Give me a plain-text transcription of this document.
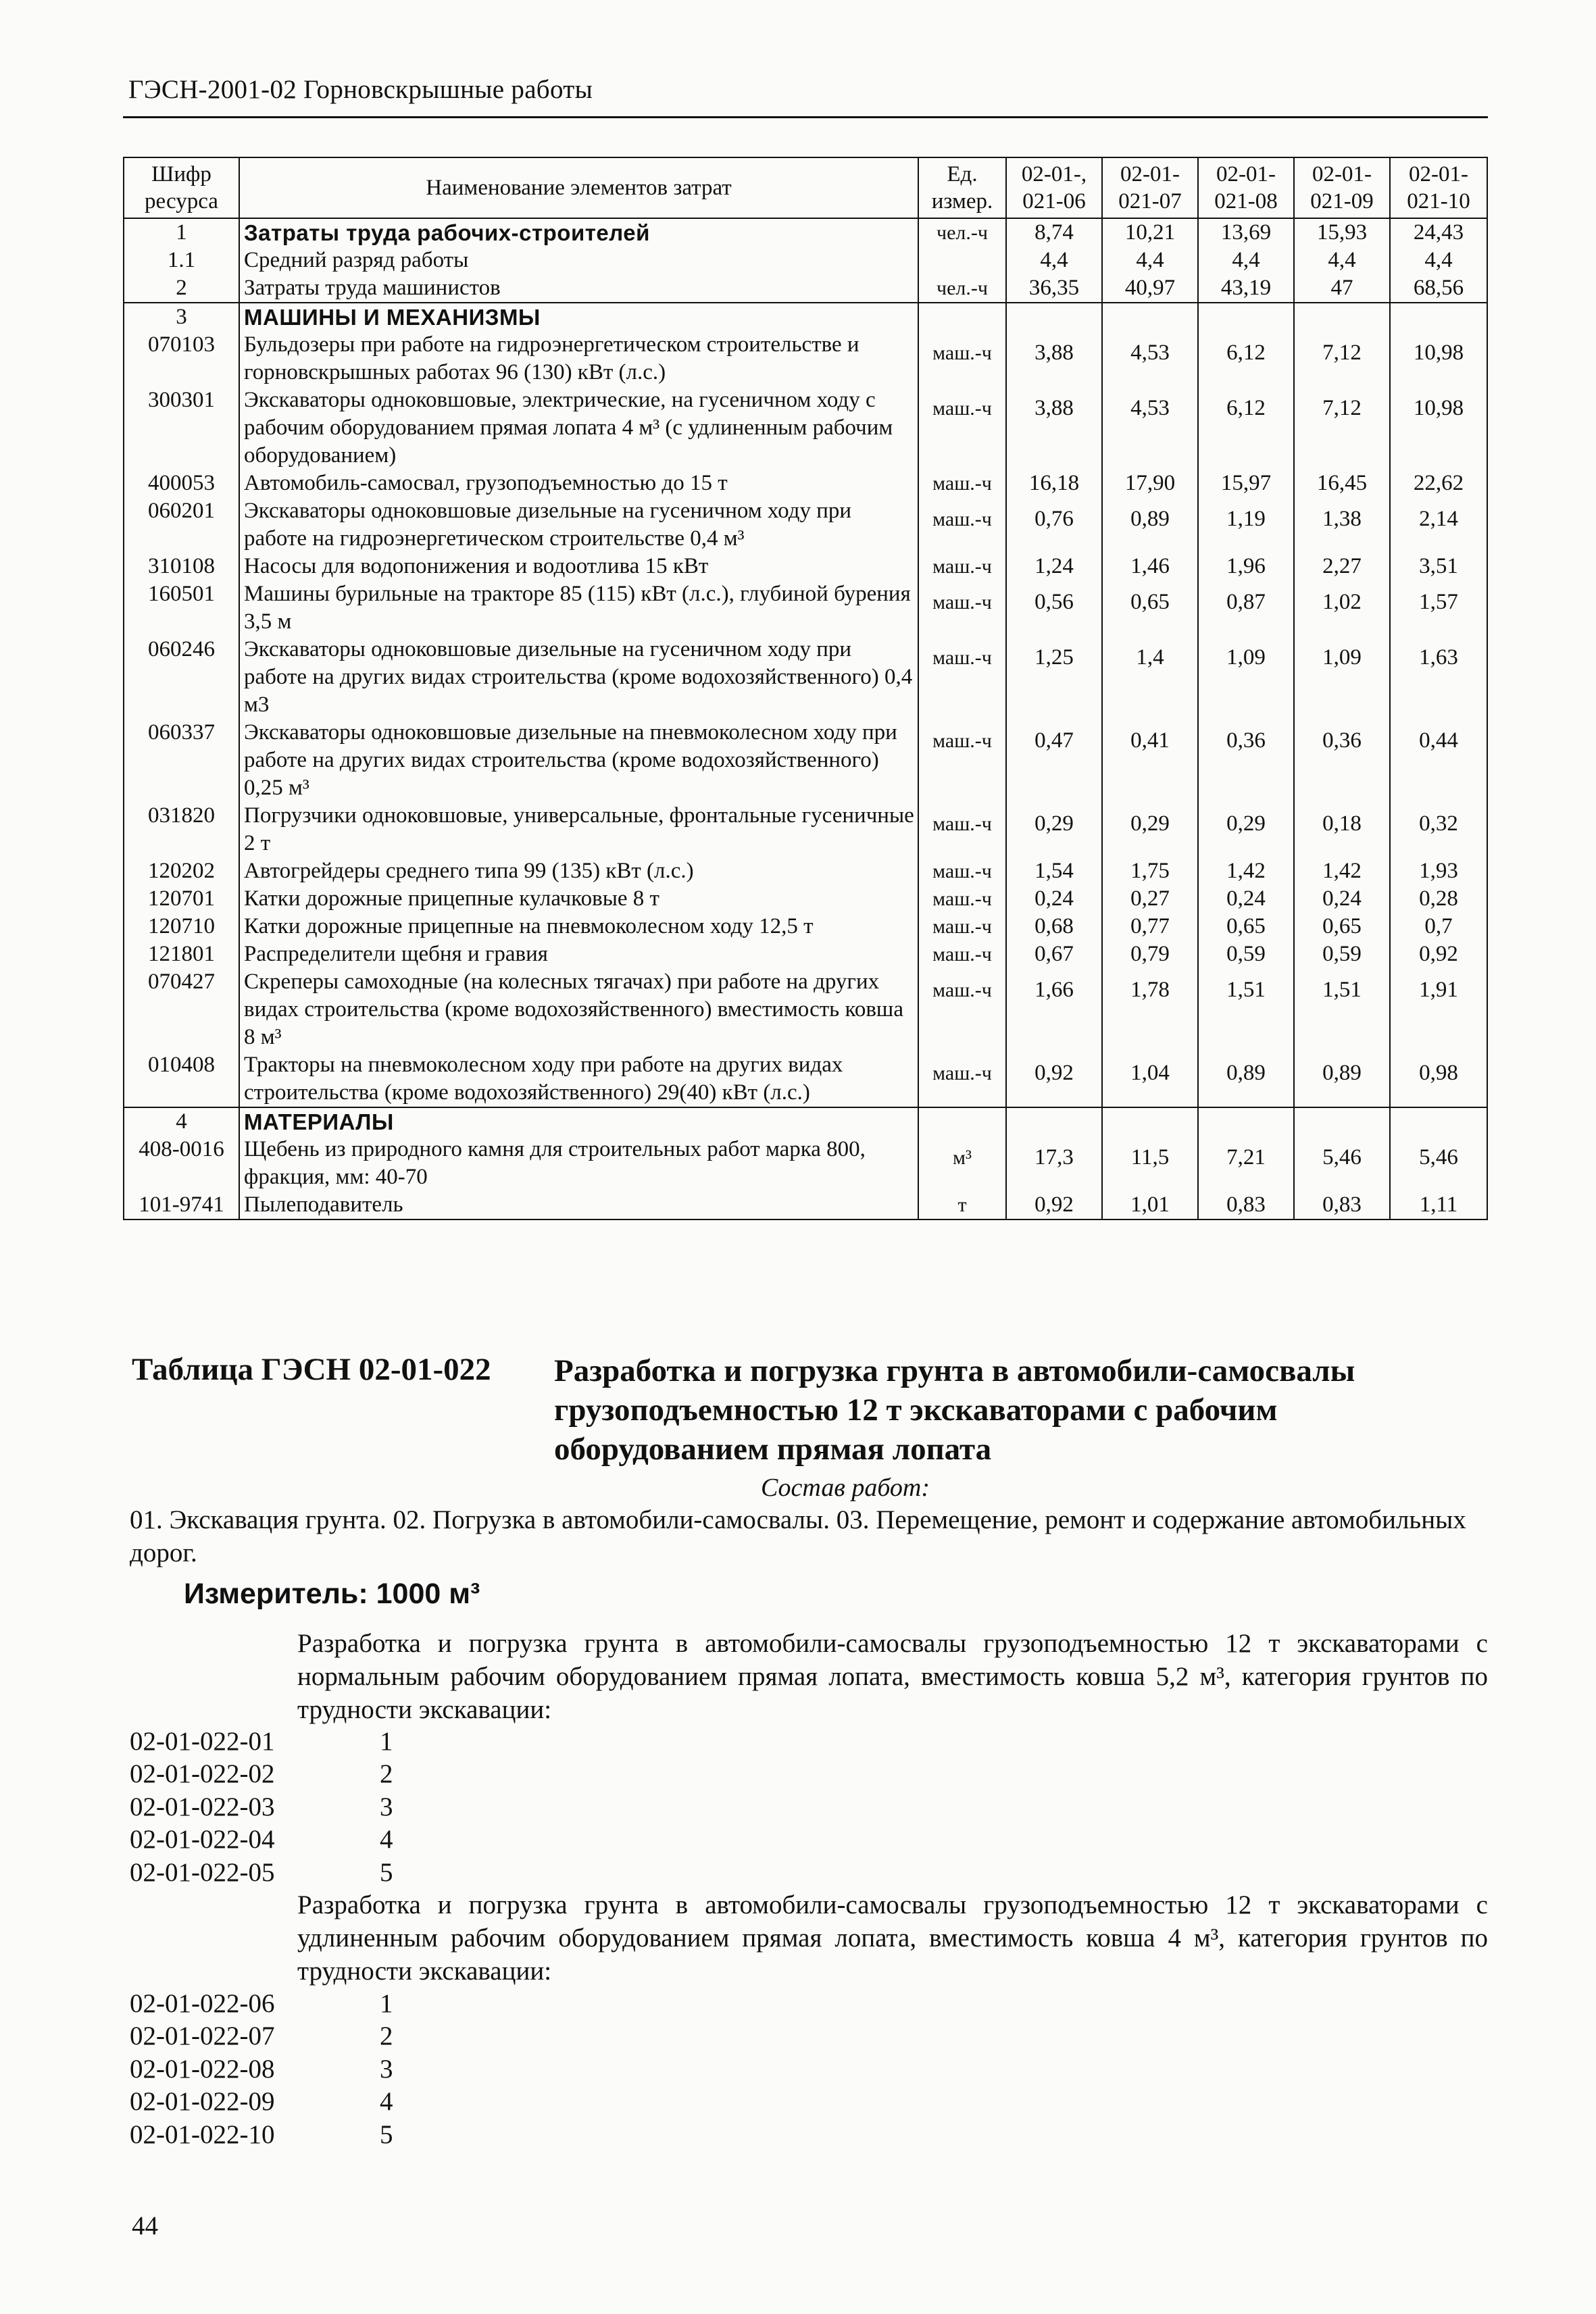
ГЭСН-2001-02 Горновскрышные работы
Шифр ресурса	Наименование элементов затрат	Ед. измер.	02-01-, 021-06	02-01- 021-07	02-01- 021-08	02-01- 021-09	02-01- 021-10
1	Затраты труда рабочих-строителей	чел.-ч	8,74	10,21	13,69	15,93	24,43
1.1	Средний разряд работы		4,4	4,4	4,4	4,4	4,4
2	Затраты труда машинистов	чел.-ч	36,35	40,97	43,19	47	68,56
3	МАШИНЫ И МЕХАНИЗМЫ						
070103	Бульдозеры при работе на гидроэнергетическом строительстве и горновскрышных работах 96 (130) кВт (л.с.)	маш.-ч	3,88	4,53	6,12	7,12	10,98
300301	Экскаваторы одноковшовые, электрические, на гусеничном ходу с рабочим оборудованием прямая лопата 4 м³ (с удлиненным рабочим оборудованием)	маш.-ч	3,88	4,53	6,12	7,12	10,98
400053	Автомобиль-самосвал, грузоподъемностью до 15 т	маш.-ч	16,18	17,90	15,97	16,45	22,62
060201	Экскаваторы одноковшовые дизельные на гусеничном ходу при работе на гидроэнергетическом строительстве 0,4 м³	маш.-ч	0,76	0,89	1,19	1,38	2,14
310108	Насосы для водопонижения и водоотлива 15 кВт	маш.-ч	1,24	1,46	1,96	2,27	3,51
160501	Машины бурильные на тракторе 85 (115) кВт (л.с.), глубиной бурения 3,5 м	маш.-ч	0,56	0,65	0,87	1,02	1,57
060246	Экскаваторы одноковшовые дизельные на гусеничном ходу при работе на других видах строительства (кроме водохозяйственного) 0,4 м3	маш.-ч	1,25	1,4	1,09	1,09	1,63
060337	Экскаваторы одноковшовые дизельные на пневмоколесном ходу при работе на других видах строительства (кроме водохозяйственного) 0,25 м³	маш.-ч	0,47	0,41	0,36	0,36	0,44
031820	Погрузчики одноковшовые, универсальные, фронтальные гусеничные 2 т	маш.-ч	0,29	0,29	0,29	0,18	0,32
120202	Автогрейдеры среднего типа 99 (135) кВт (л.с.)	маш.-ч	1,54	1,75	1,42	1,42	1,93
120701	Катки дорожные прицепные кулачковые 8 т	маш.-ч	0,24	0,27	0,24	0,24	0,28
120710	Катки дорожные прицепные на пневмоколесном ходу 12,5 т	маш.-ч	0,68	0,77	0,65	0,65	0,7
121801	Распределители щебня и гравия	маш.-ч	0,67	0,79	0,59	0,59	0,92
070427	Скреперы самоходные (на колесных тягачах) при работе на других видах строительства (кроме водохозяйственного) вместимость ковша 8 м³	маш.-ч	1,66	1,78	1,51	1,51	1,91
010408	Тракторы на пневмоколесном ходу при работе на других видах строительства (кроме водохозяйственного) 29(40) кВт (л.с.)	маш.-ч	0,92	1,04	0,89	0,89	0,98
4	МАТЕРИАЛЫ						
408-0016	Щебень из природного камня для строительных работ марка 800, фракция, мм: 40-70	м³	17,3	11,5	7,21	5,46	5,46
101-9741	Пылеподавитель	т	0,92	1,01	0,83	0,83	1,11
Таблица ГЭСН 02-01-022 Разработка и погрузка грунта в автомобили-самосвалы грузоподъемностью 12 т экскаваторами с рабочим оборудованием прямая лопата
Состав работ:
01. Экскавация грунта. 02. Погрузка в автомобили-самосвалы. 03. Перемещение, ремонт и содержание автомобильных дорог.
Измеритель: 1000 м³
Разработка и погрузка грунта в автомобили-самосвалы грузоподъемностью 12 т экскаваторами с нормальным рабочим оборудованием прямая лопата, вместимость ковша 5,2 м³, категория грунтов по трудности экскавации:
02-01-022-01	1
02-01-022-02	2
02-01-022-03	3
02-01-022-04	4
02-01-022-05	5
Разработка и погрузка грунта в автомобили-самосвалы грузоподъемностью 12 т экскаваторами с удлиненным рабочим оборудованием прямая лопата, вместимость ковша 4 м³, категория грунтов по трудности экскавации:
02-01-022-06	1
02-01-022-07	2
02-01-022-08	3
02-01-022-09	4
02-01-022-10	5
44
